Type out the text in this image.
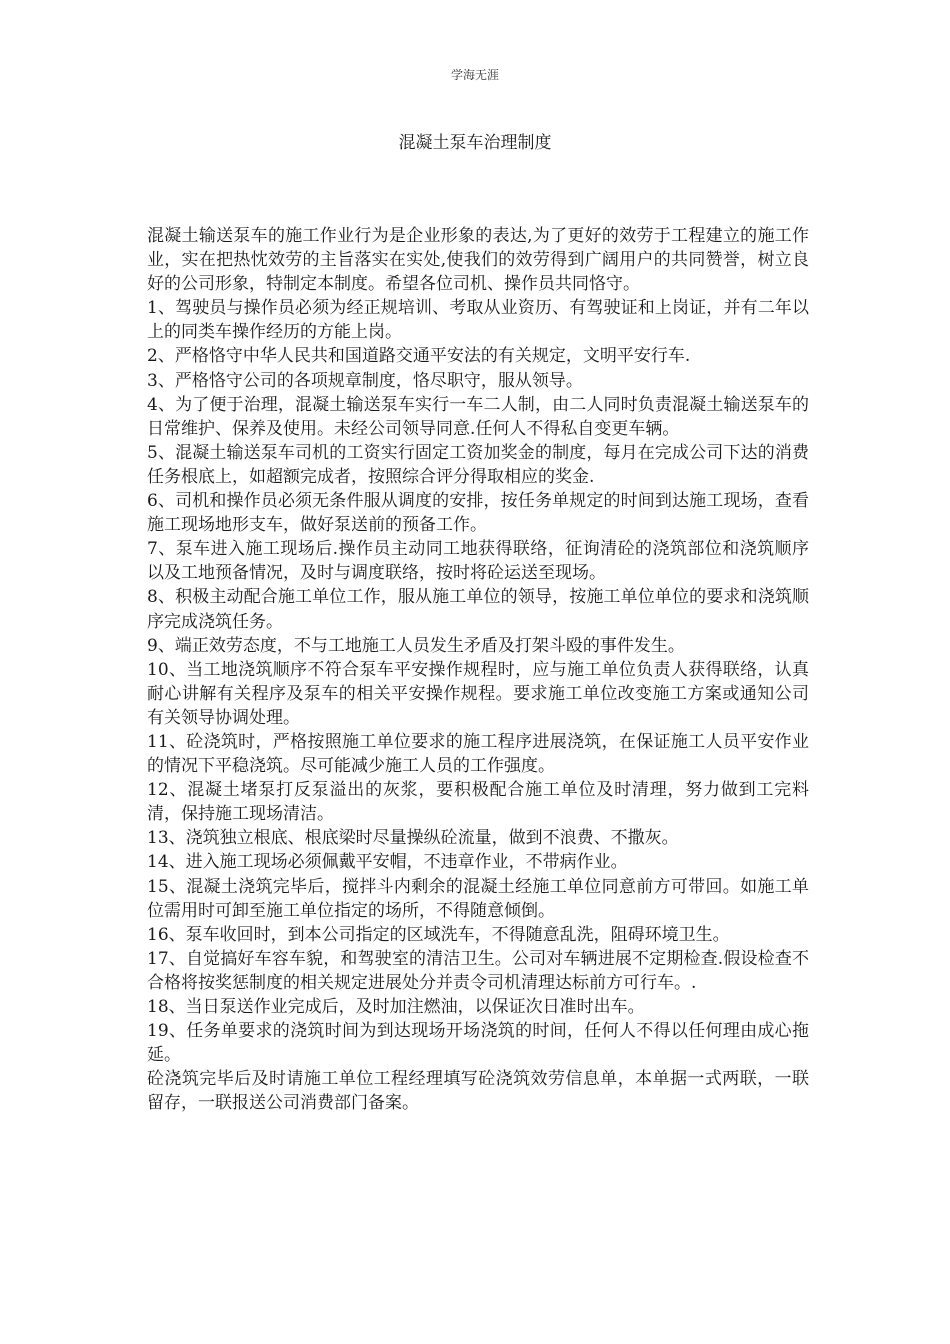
学海无涯
混凝土泵车治理制度

混凝土输送泵车的施工作业行为是企业形象的表达,为了更好的效劳于工程建立的施工作业，实在把热忱效劳的主旨落实在实处,使我们的效劳得到广阔用户的共同赞誉，树立良好的公司形象，特制定本制度。希望各位司机、操作员共同恪守。

1、驾驶员与操作员必须为经正规培训、考取从业资历、有驾驶证和上岗证，并有二年以上的同类车操作经历的方能上岗。

2、严格恪守中华人民共和国道路交通平安法的有关规定，文明平安行车.

3、严格恪守公司的各项规章制度，恪尽职守，服从领导。

4、为了便于治理，混凝土输送泵车实行一车二人制，由二人同时负责混凝土输送泵车的日常维护、保养及使用。未经公司领导同意.任何人不得私自变更车辆。

5、混凝土输送泵车司机的工资实行固定工资加奖金的制度，每月在完成公司下达的消费任务根底上，如超额完成者，按照综合评分得取相应的奖金.

6、司机和操作员必须无条件服从调度的安排，按任务单规定的时间到达施工现场，查看施工现场地形支车，做好泵送前的预备工作。

7、泵车进入施工现场后.操作员主动同工地获得联络，征询清砼的浇筑部位和浇筑顺序以及工地预备情况，及时与调度联络，按时将砼运送至现场。

8、积极主动配合施工单位工作，服从施工单位的领导，按施工单位单位的要求和浇筑顺序完成浇筑任务。

9、端正效劳态度，不与工地施工人员发生矛盾及打架斗殴的事件发生。

10、当工地浇筑顺序不符合泵车平安操作规程时，应与施工单位负责人获得联络，认真耐心讲解有关程序及泵车的相关平安操作规程。要求施工单位改变施工方案或通知公司有关领导协调处理。

11、砼浇筑时，严格按照施工单位要求的施工程序进展浇筑，在保证施工人员平安作业的情况下平稳浇筑。尽可能减少施工人员的工作强度。

12、混凝土堵泵打反泵溢出的灰浆，要积极配合施工单位及时清理，努力做到工完料清，保持施工现场清洁。

13、浇筑独立根底、根底梁时尽量操纵砼流量，做到不浪费、不撒灰。

14、进入施工现场必须佩戴平安帽，不违章作业，不带病作业。

15、混凝土浇筑完毕后，搅拌斗内剩余的混凝土经施工单位同意前方可带回。如施工单位需用时可卸至施工单位指定的场所，不得随意倾倒。

16、泵车收回时，到本公司指定的区域洗车，不得随意乱洗，阻碍环境卫生。

17、自觉搞好车容车貌，和驾驶室的清洁卫生。公司对车辆进展不定期检查.假设检查不合格将按奖惩制度的相关规定进展处分并责令司机清理达标前方可行车。.

18、当日泵送作业完成后，及时加注燃油，以保证次日准时出车。

19、任务单要求的浇筑时间为到达现场开场浇筑的时间，任何人不得以任何理由成心拖延。

砼浇筑完毕后及时请施工单位工程经理填写砼浇筑效劳信息单，本单据一式两联，一联留存，一联报送公司消费部门备案。
